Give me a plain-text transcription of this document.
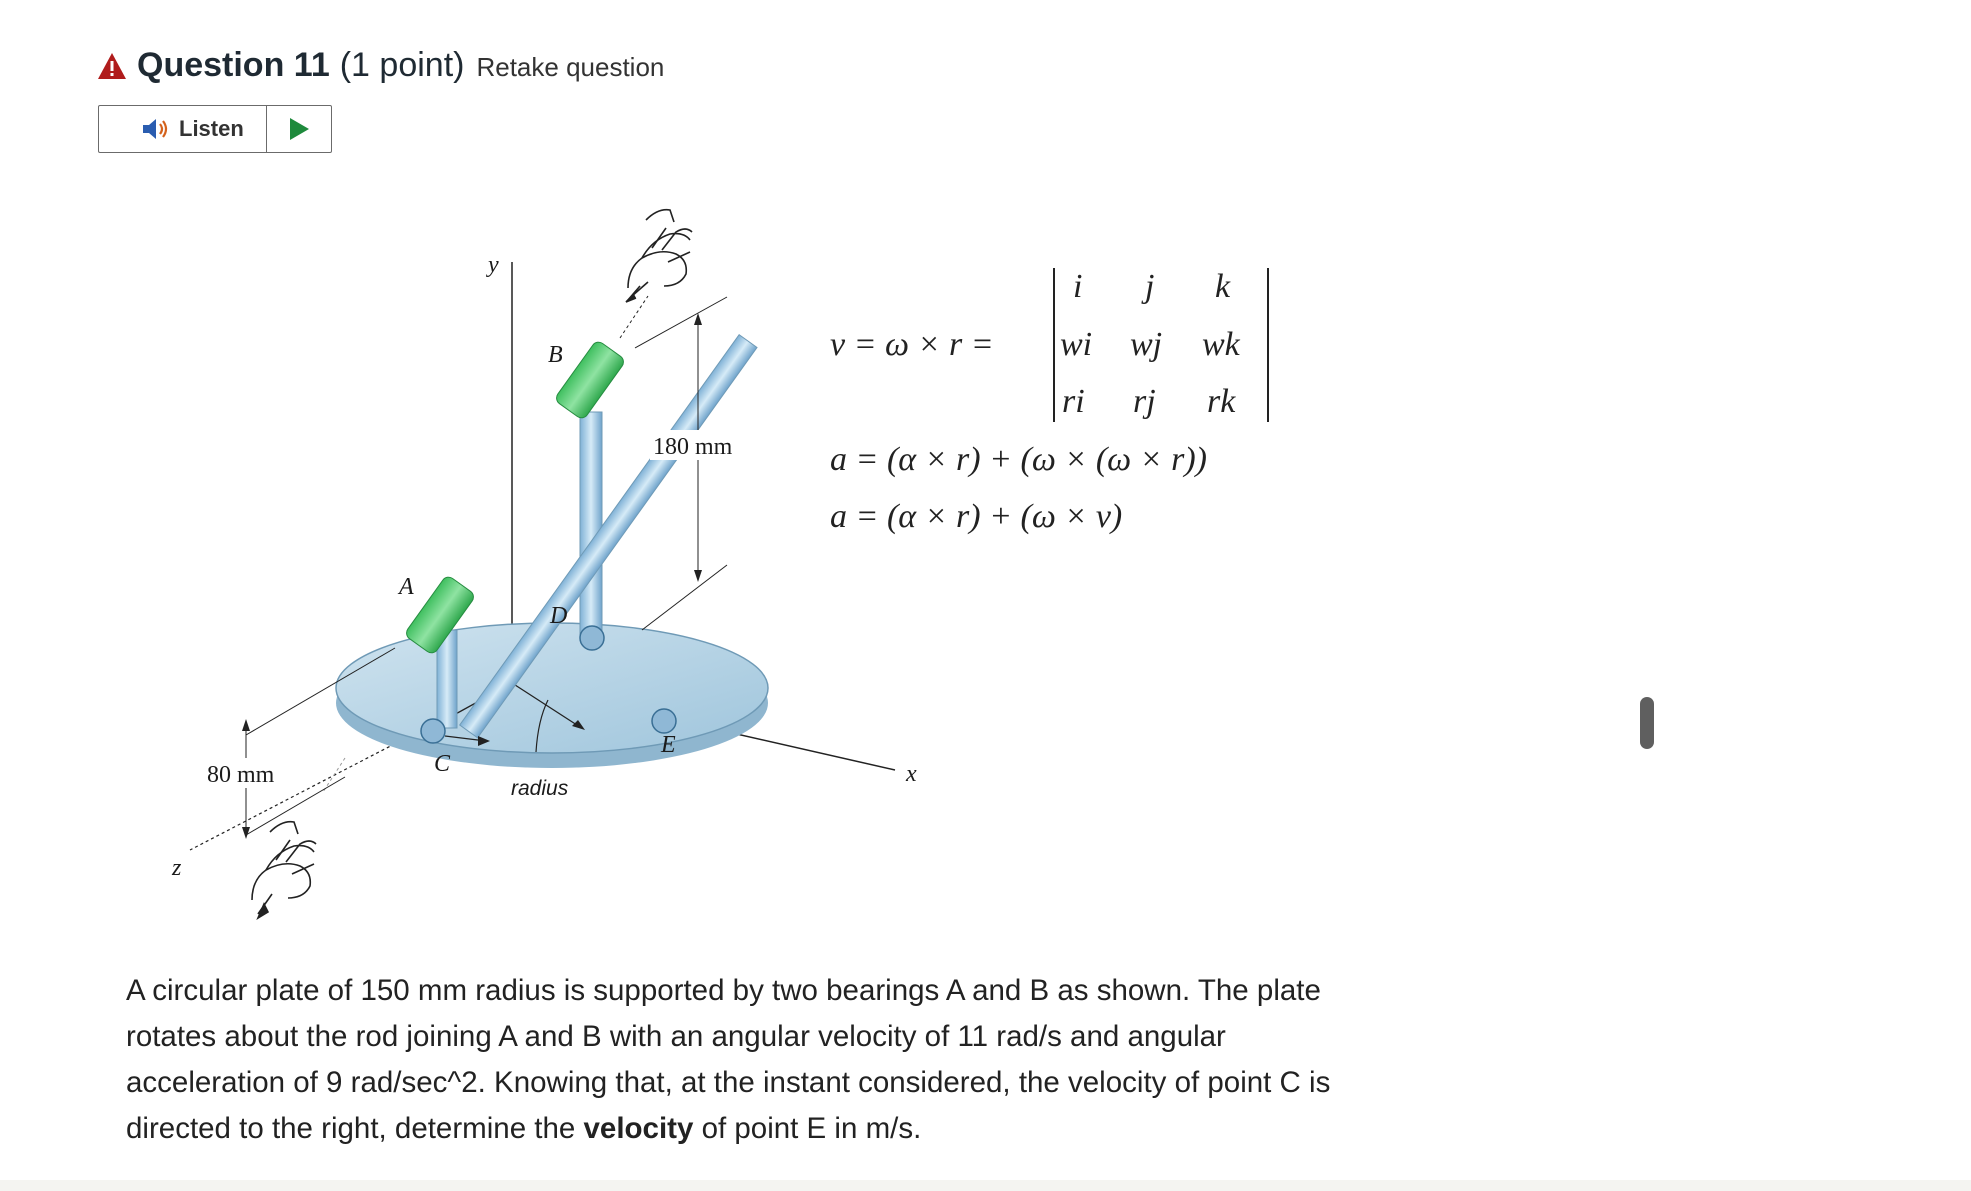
Question 11 (1 point) Retake question
Listen
y
x
z
B
A
D
E
C
radius
180 mm
80 mm
v = ω × r =
i j k
wi wj wk
ri rj rk
a = (α × r) + (ω × (ω × r))
a = (α × r) + (ω × v)
A circular plate of 150 mm radius is supported by two bearings A and B as shown. The plate rotates about the rod joining A and B with an angular velocity of 11 rad/s and angular acceleration of 9 rad/sec^2. Knowing that, at the instant considered, the velocity of point C is directed to the right, determine the velocity of point E in m/s.
